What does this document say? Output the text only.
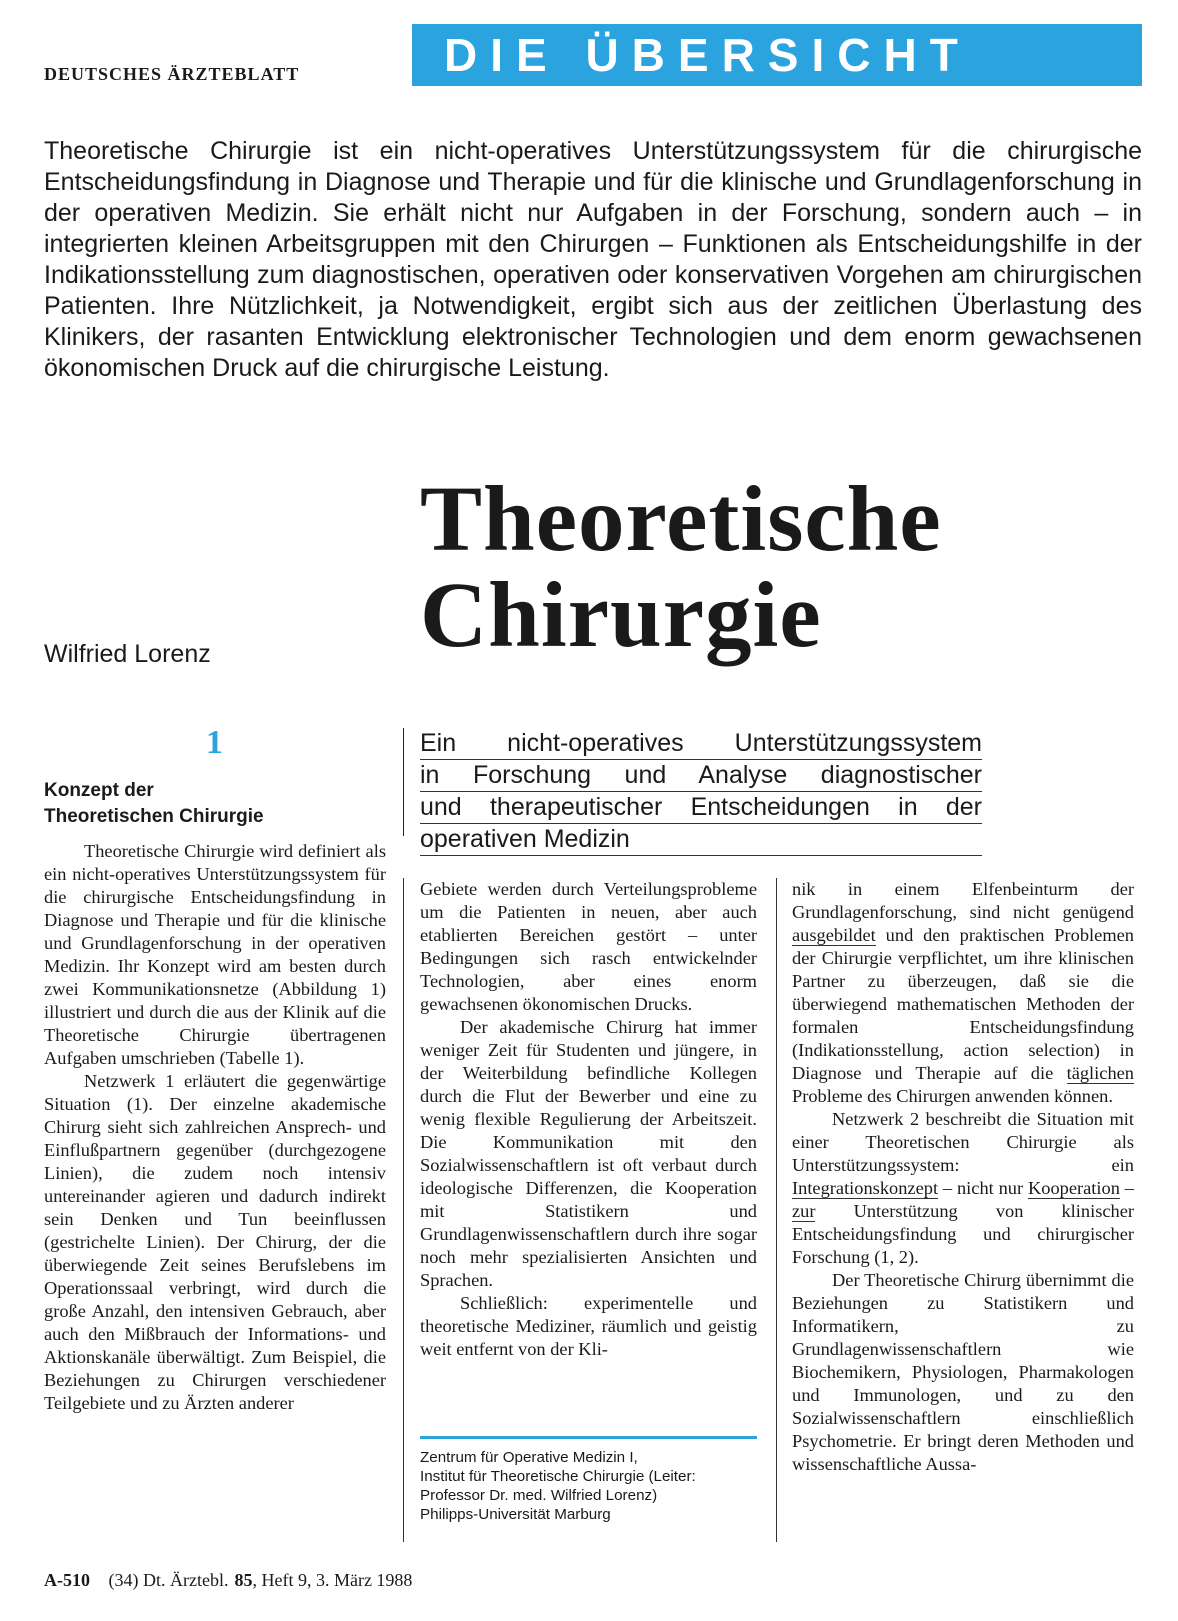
DEUTSCHES ÄRZTEBLATT	DIE ÜBERSICHT

Theoretische Chirurgie ist ein nicht-operatives Unterstützungssystem für die chirurgische Entscheidungsfindung in Diagnose und Therapie und für die klinische und Grundlagenforschung in der operativen Medizin. Sie erhält nicht nur Aufgaben in der Forschung, sondern auch – in integrierten kleinen Arbeitsgruppen mit den Chirurgen – Funktionen als Entscheidungshilfe in der Indikationsstellung zum diagnostischen, operativen oder konservativen Vorgehen am chirurgischen Patienten. Ihre Nützlichkeit, ja Notwendigkeit, ergibt sich aus der zeitlichen Überlastung des Klinikers, der rasanten Entwicklung elektronischer Technologien und dem enorm gewachsenen ökonomischen Druck auf die chirurgische Leistung.

Theoretische
Chirurgie
Wilfried Lorenz
Ein nicht-operatives Unterstützungssystem
in Forschung und Analyse diagnostischer
und therapeutischer Entscheidungen in der
operativen Medizin
1
Konzept der
Theoretischen Chirurgie

Theoretische Chirurgie wird definiert als ein nicht-operatives Unterstützungssystem für die chirurgische Entscheidungsfindung in Diagnose und Therapie und für die klinische und Grundlagenforschung in der operativen Medizin. Ihr Konzept wird am besten durch zwei Kommunikationsnetze (Abbildung 1) illustriert und durch die aus der Klinik auf die Theoretische Chirurgie übertragenen Aufgaben umschrieben (Tabelle 1).

Netzwerk 1 erläutert die gegenwärtige Situation (1). Der einzelne akademische Chirurg sieht sich zahlreichen Ansprech- und Einflußpartnern gegenüber (durchgezogene Linien), die zudem noch intensiv untereinander agieren und dadurch indirekt sein Denken und Tun beeinflussen (gestrichelte Linien). Der Chirurg, der die überwiegende Zeit seines Berufslebens im Operationssaal verbringt, wird durch die große Anzahl, den intensiven Gebrauch, aber auch den Mißbrauch der Informations- und Aktionskanäle überwältigt. Zum Beispiel, die Beziehungen zu Chirurgen verschiedener Teilgebiete und zu Ärzten anderer

Gebiete werden durch Verteilungsprobleme um die Patienten in neuen, aber auch etablierten Bereichen gestört – unter Bedingungen sich rasch entwickelnder Technologien, aber eines enorm gewachsenen ökonomischen Drucks.

Der akademische Chirurg hat immer weniger Zeit für Studenten und jüngere, in der Weiterbildung befindliche Kollegen durch die Flut der Bewerber und eine zu wenig flexible Regulierung der Arbeitszeit. Die Kommunikation mit den Sozialwissenschaftlern ist oft verbaut durch ideologische Differenzen, die Kooperation mit Statistikern und Grundlagenwissenschaftlern durch ihre sogar noch mehr spezialisierten Ansichten und Sprachen.

Schließlich: experimentelle und theoretische Mediziner, räumlich und geistig weit entfernt von der Kli-

nik in einem Elfenbeinturm der Grundlagenforschung, sind nicht genügend ausgebildet und den praktischen Problemen der Chirurgie verpflichtet, um ihre klinischen Partner zu überzeugen, daß sie die überwiegend mathematischen Methoden der formalen Entscheidungsfindung (Indikationsstellung, action selection) in Diagnose und Therapie auf die täglichen Probleme des Chirurgen anwenden können.

Netzwerk 2 beschreibt die Situation mit einer Theoretischen Chirurgie als Unterstützungssystem: ein Integrationskonzept – nicht nur Kooperation – zur Unterstützung von klinischer Entscheidungsfindung und chirurgischer Forschung (1, 2).

Der Theoretische Chirurg übernimmt die Beziehungen zu Statistikern und Informatikern, zu Grundlagenwissenschaftlern wie Biochemikern, Physiologen, Pharmakologen und Immunologen, und zu den Sozialwissenschaftlern einschließlich Psychometrie. Er bringt deren Methoden und wissenschaftliche Aussa-

Zentrum für Operative Medizin I,
Institut für Theoretische Chirurgie (Leiter:
Professor Dr. med. Wilfried Lorenz)
Philipps-Universität Marburg
A-510 (34) Dt. Ärztebl. 85, Heft 9, 3. März 1988
